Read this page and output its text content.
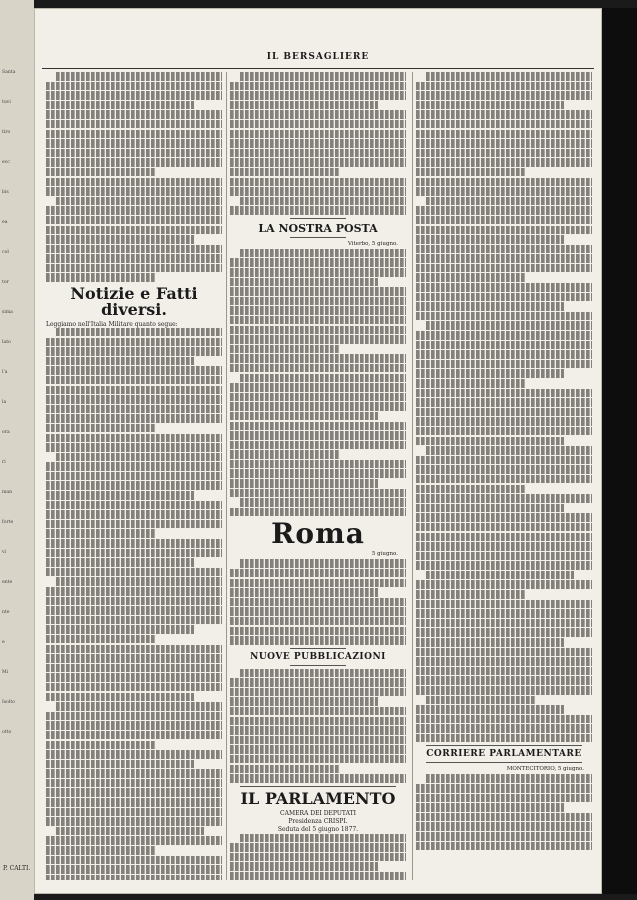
Santa
tuvi
tiro
ecc
bis
ea
col
tor
sima
lato
l'a
la
ora
ri
man
forte
vi
ente
nte
e
Mi
Isolto
otto
P. CALTI.
IL BERSAGLIERE
Notizie e Fatti diversi.
Leggiamo nell'Italia Militare quanto segue:
LA NOSTRA POSTA
Viterbo, 5 giugno.
Roma
5 giugno.
NUOVE PUBBLICAZIONI
IL PARLAMENTO
CAMERA DEI DEPUTATI
Presidenza CRISPI.
Seduta del 5 giugno 1877.
CORRIERE PARLAMENTARE
MONTECITORIO, 5 giugno.
